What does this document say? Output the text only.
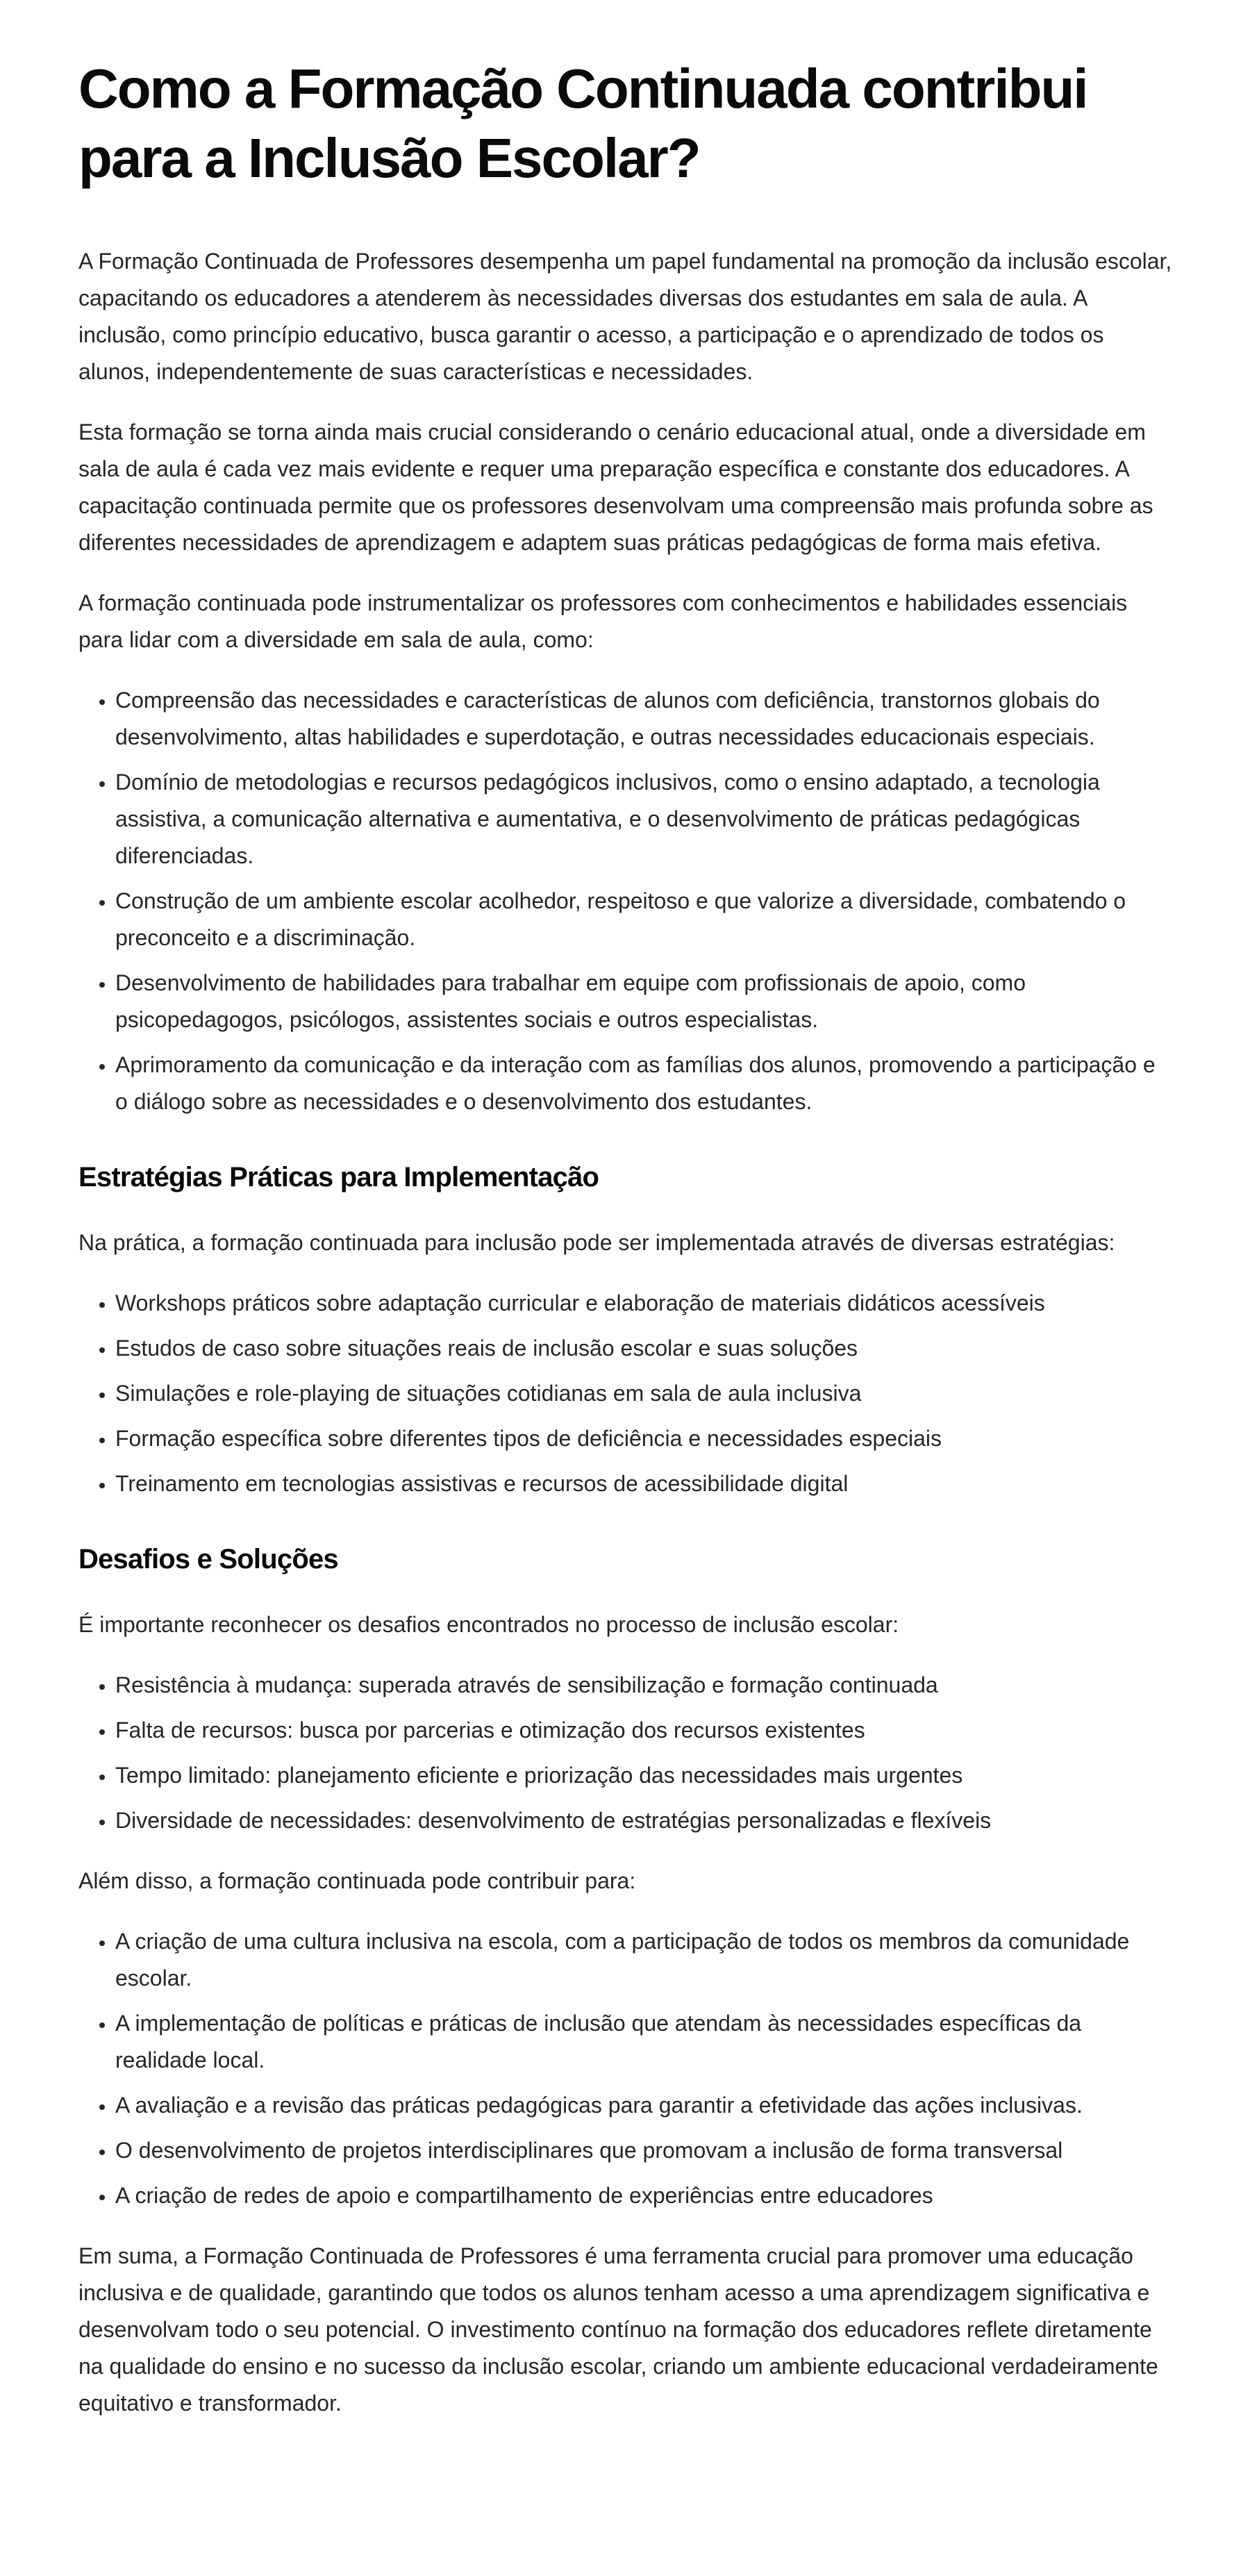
Como a Formação Continuada contribui para a Inclusão Escolar?

A Formação Continuada de Professores desempenha um papel fundamental na promoção da inclusão escolar, capacitando os educadores a atenderem às necessidades diversas dos estudantes em sala de aula. A inclusão, como princípio educativo, busca garantir o acesso, a participação e o aprendizado de todos os alunos, independentemente de suas características e necessidades.

Esta formação se torna ainda mais crucial considerando o cenário educacional atual, onde a diversidade em sala de aula é cada vez mais evidente e requer uma preparação específica e constante dos educadores. A capacitação continuada permite que os professores desenvolvam uma compreensão mais profunda sobre as diferentes necessidades de aprendizagem e adaptem suas práticas pedagógicas de forma mais efetiva.

A formação continuada pode instrumentalizar os professores com conhecimentos e habilidades essenciais para lidar com a diversidade em sala de aula, como:

• Compreensão das necessidades e características de alunos com deficiência, transtornos globais do desenvolvimento, altas habilidades e superdotação, e outras necessidades educacionais especiais.
• Domínio de metodologias e recursos pedagógicos inclusivos, como o ensino adaptado, a tecnologia assistiva, a comunicação alternativa e aumentativa, e o desenvolvimento de práticas pedagógicas diferenciadas.
• Construção de um ambiente escolar acolhedor, respeitoso e que valorize a diversidade, combatendo o preconceito e a discriminação.
• Desenvolvimento de habilidades para trabalhar em equipe com profissionais de apoio, como psicopedagogos, psicólogos, assistentes sociais e outros especialistas.
• Aprimoramento da comunicação e da interação com as famílias dos alunos, promovendo a participação e o diálogo sobre as necessidades e o desenvolvimento dos estudantes.
Estratégias Práticas para Implementação

Na prática, a formação continuada para inclusão pode ser implementada através de diversas estratégias:

• Workshops práticos sobre adaptação curricular e elaboração de materiais didáticos acessíveis
• Estudos de caso sobre situações reais de inclusão escolar e suas soluções
• Simulações e role-playing de situações cotidianas em sala de aula inclusiva
• Formação específica sobre diferentes tipos de deficiência e necessidades especiais
• Treinamento em tecnologias assistivas e recursos de acessibilidade digital
Desafios e Soluções

É importante reconhecer os desafios encontrados no processo de inclusão escolar:

• Resistência à mudança: superada através de sensibilização e formação continuada
• Falta de recursos: busca por parcerias e otimização dos recursos existentes
• Tempo limitado: planejamento eficiente e priorização das necessidades mais urgentes
• Diversidade de necessidades: desenvolvimento de estratégias personalizadas e flexíveis

Além disso, a formação continuada pode contribuir para:

• A criação de uma cultura inclusiva na escola, com a participação de todos os membros da comunidade escolar.
• A implementação de políticas e práticas de inclusão que atendam às necessidades específicas da realidade local.
• A avaliação e a revisão das práticas pedagógicas para garantir a efetividade das ações inclusivas.
• O desenvolvimento de projetos interdisciplinares que promovam a inclusão de forma transversal
• A criação de redes de apoio e compartilhamento de experiências entre educadores

Em suma, a Formação Continuada de Professores é uma ferramenta crucial para promover uma educação inclusiva e de qualidade, garantindo que todos os alunos tenham acesso a uma aprendizagem significativa e desenvolvam todo o seu potencial. O investimento contínuo na formação dos educadores reflete diretamente na qualidade do ensino e no sucesso da inclusão escolar, criando um ambiente educacional verdadeiramente equitativo e transformador.
